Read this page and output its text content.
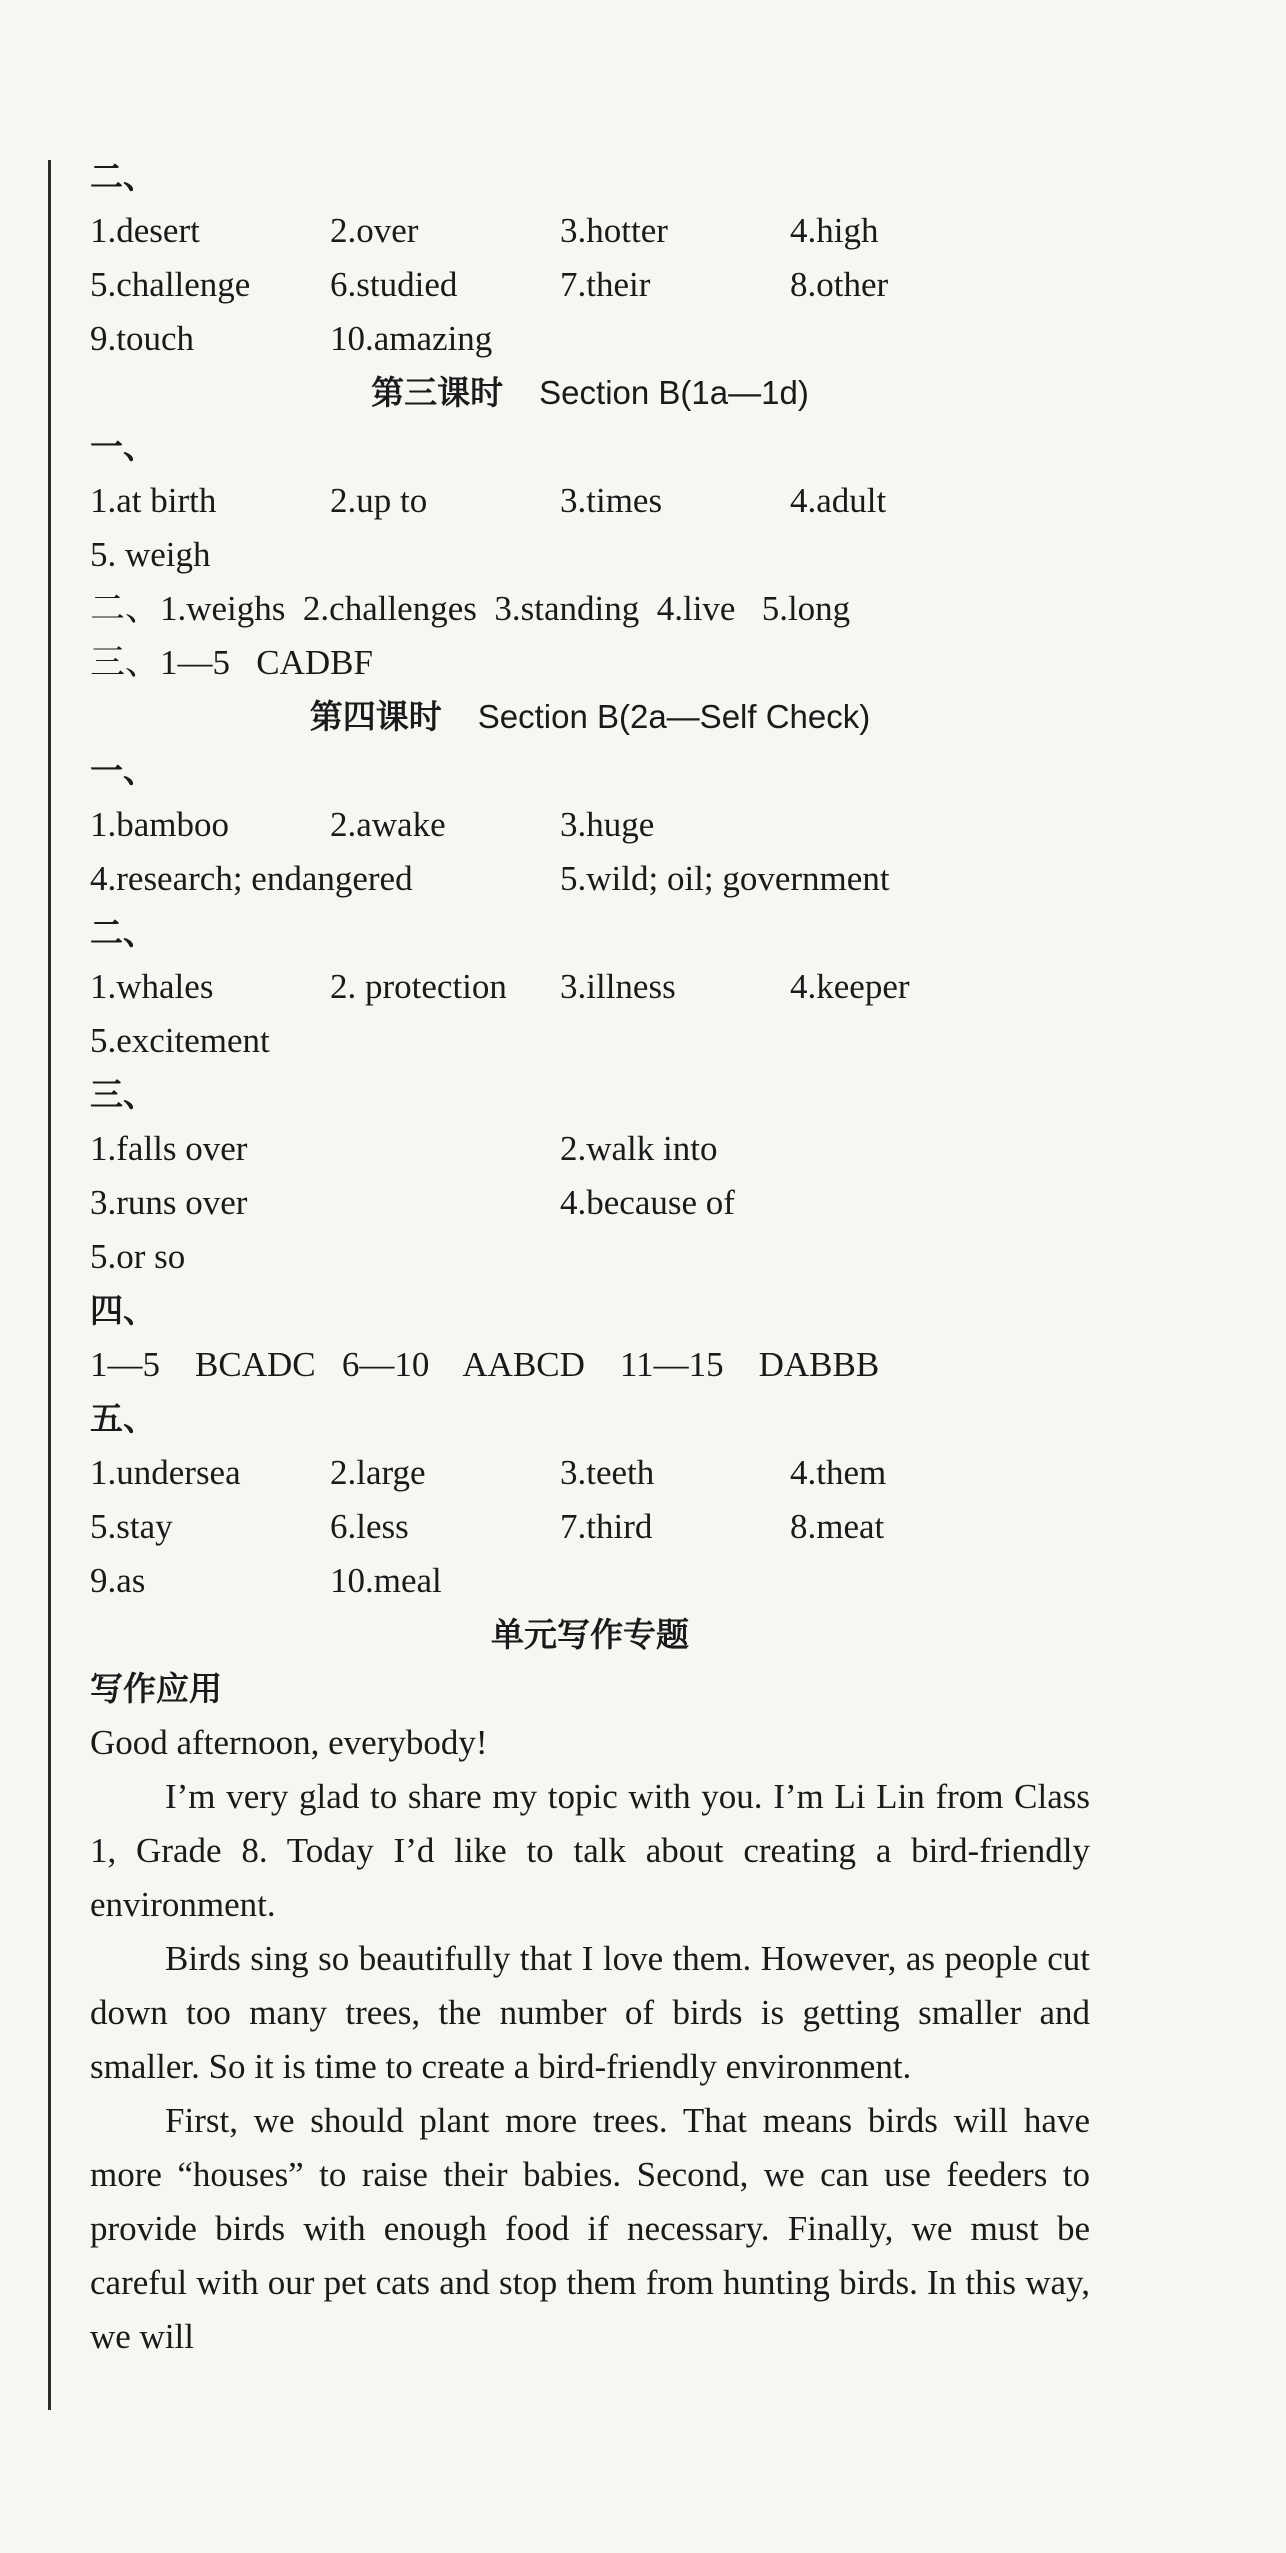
二、
1.desert	2.over	3.hotter	4.high
5.challenge 6.studied	7.their	8.other
9.touch	10.amazing
第三课时 Section B(1a—1d)
一、
1.at birth	2.up to	3.times	4.adult
5. weigh
二、1.weighs  2.challenges  3.standing  4.live   5.long
三、1—5   CADBF
第四课时 Section B(2a—Self Check)
一、
1.bamboo	2.awake	3.huge
4.research; endangered	5.wild; oil; government
二、
1.whales	2. protection 3.illness	4.keeper
5.excitement
三、
1.falls over	2.walk into
3.runs over	4.because of
5.or so
四、
1—5    BCADC   6—10    AABCD    11—15    DABBB
五、
1.undersea	2.large	3.teeth	4.them
5.stay	6.less	7.third	8.meat
9.as	10.meal
单元写作专题
写作应用

Good afternoon, everybody!

I’m very glad to share my topic with you. I’m Li Lin from Class 1, Grade 8. Today I’d like to talk about creating a bird-friendly environment.

Birds sing so beautifully that I love them. However, as people cut down too many trees, the number of birds is getting smaller and smaller. So it is time to create a bird-friendly environment.

First, we should plant more trees. That means birds will have more “houses” to raise their babies. Second, we can use feeders to provide birds with enough food if necessary. Finally, we must be careful with our pet cats and stop them from hunting birds. In this way, we will
